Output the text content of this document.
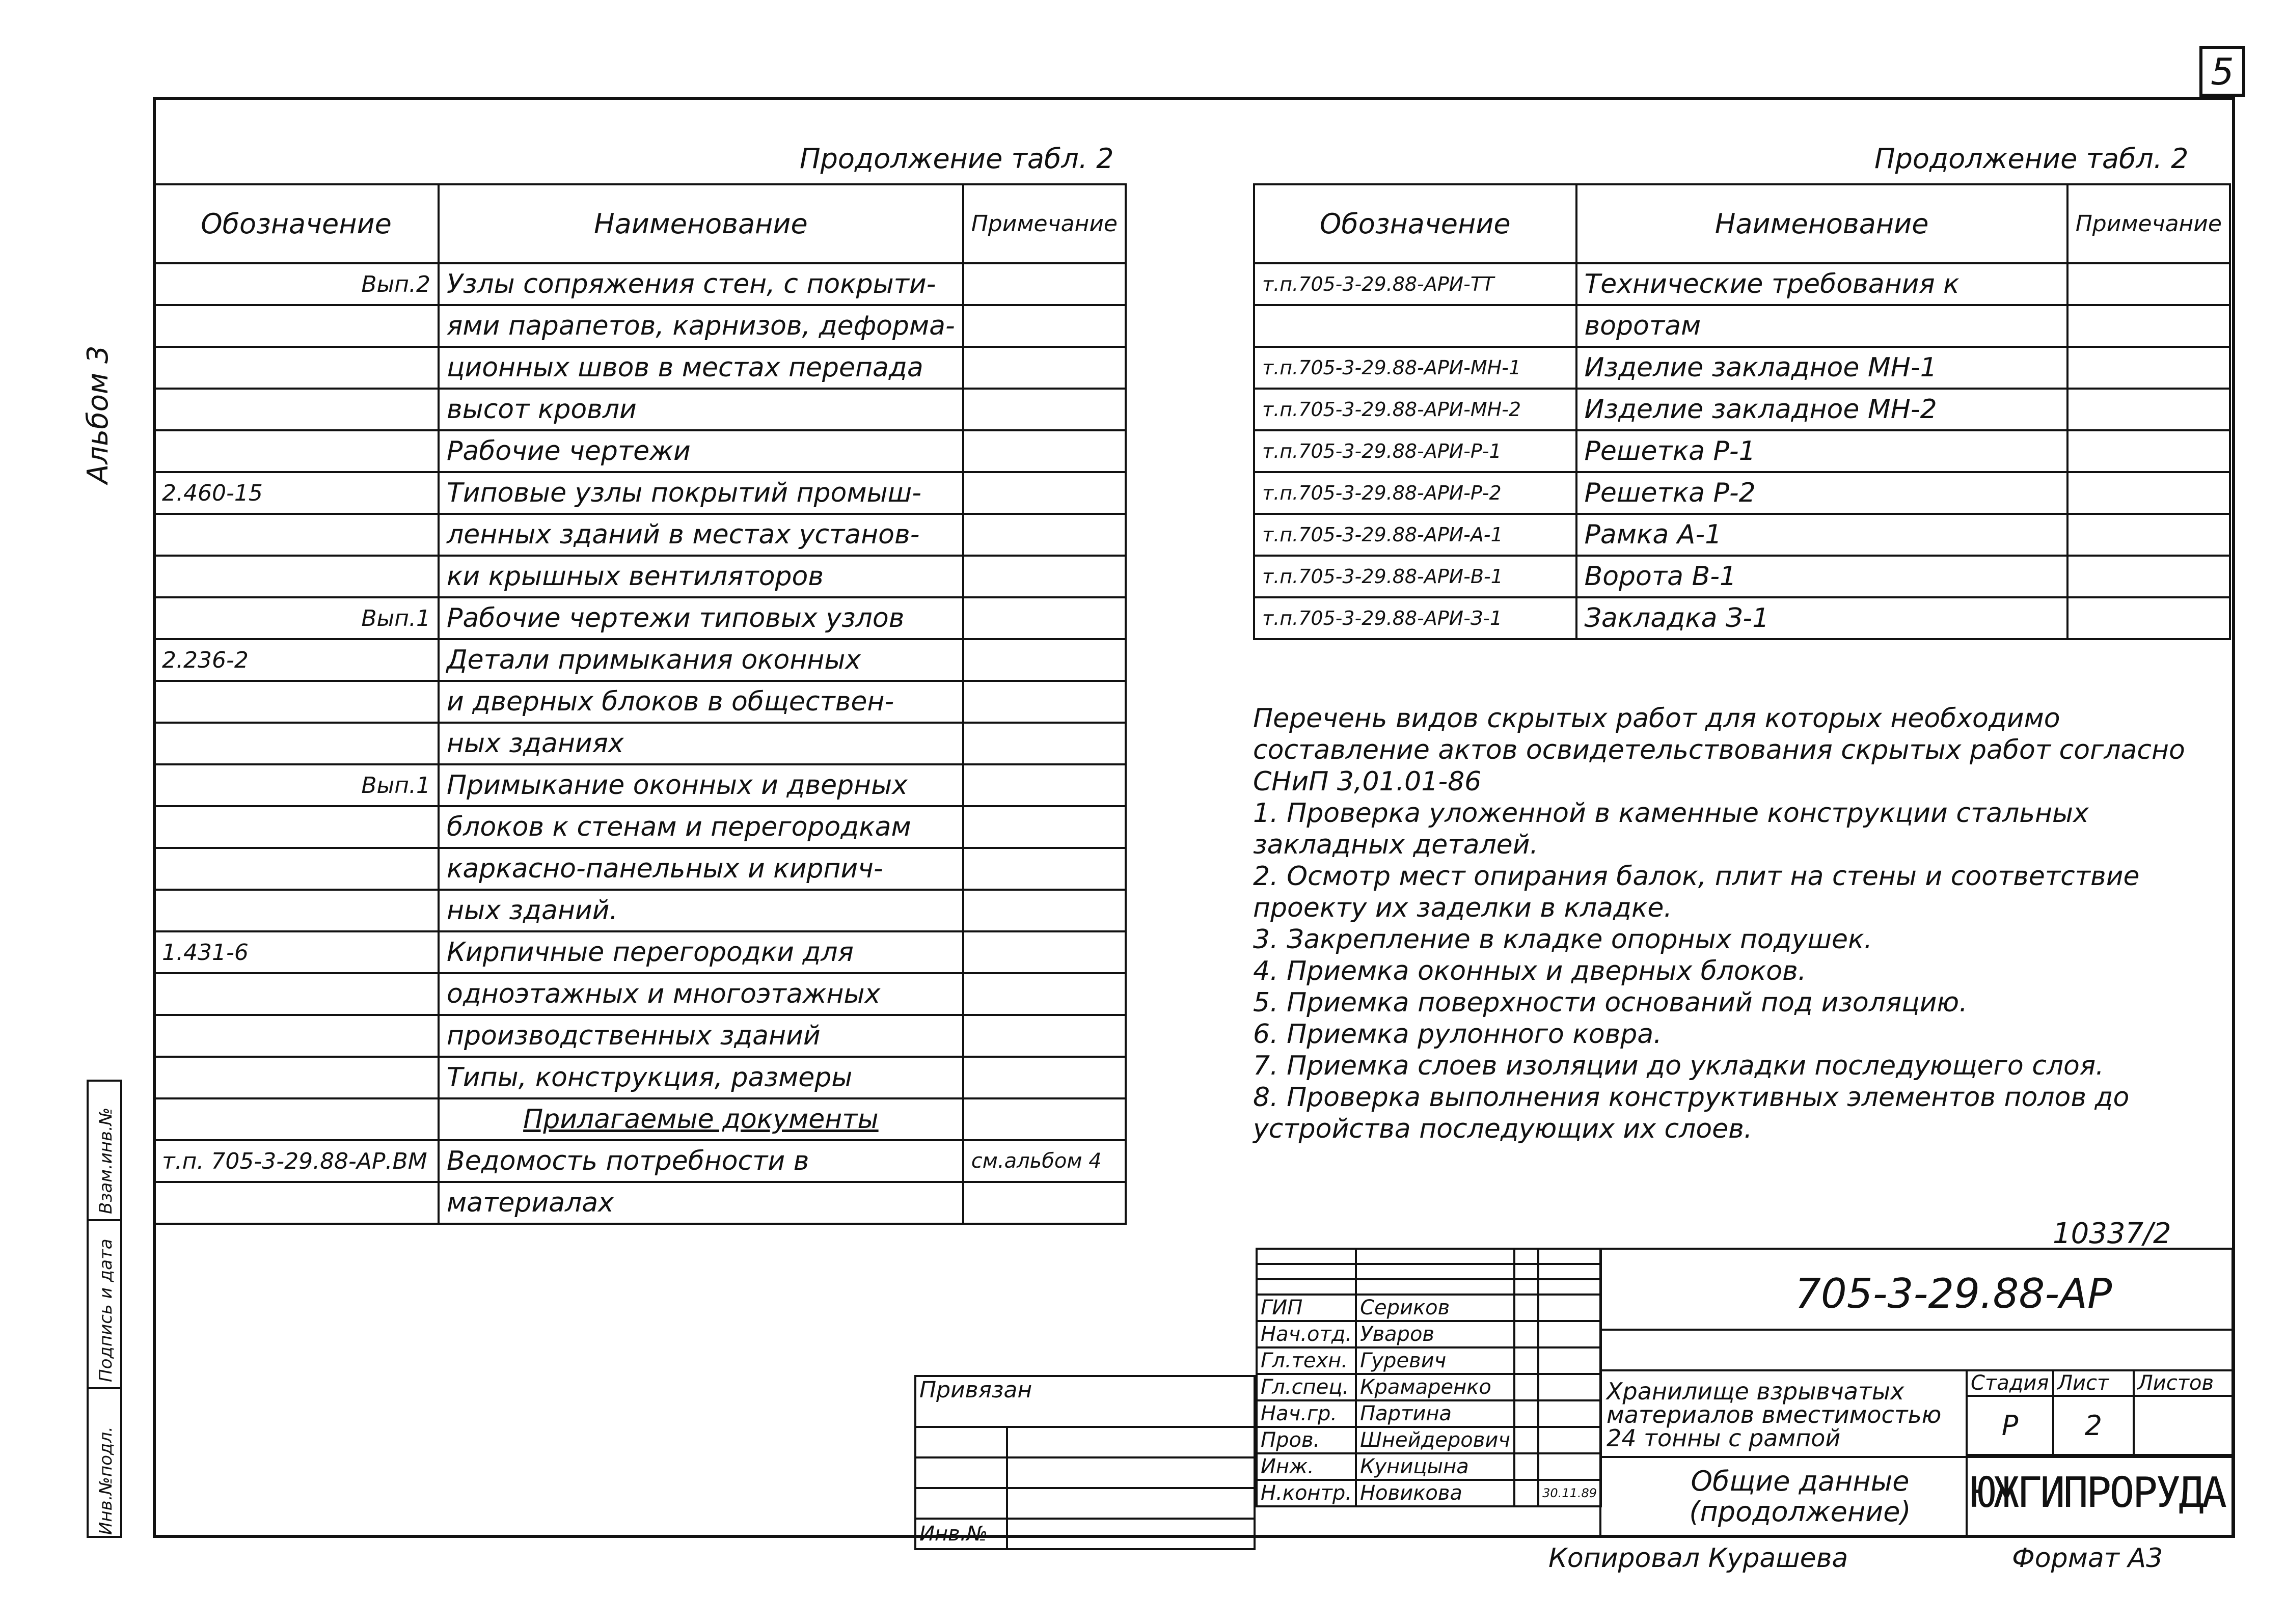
5
Альбом 3
Инв.№подл.
Подпись и дата
Взам.инв.№
Продолжение табл. 2
Обозначение	Наименование	Примечание
Вып.2	Узлы сопряжения стен, с покрыти-	
	ями парапетов, карнизов, деформа-	
	ционных швов в местах перепада	
	высот кровли	
	Рабочие чертежи	
2.460-15	Типовые узлы покрытий промыш-	
	ленных зданий в местах установ-	
	ки крышных вентиляторов	
Вып.1	Рабочие чертежи типовых узлов	
2.236-2	Детали примыкания оконных	
	и дверных блоков в обществен-	
	ных зданиях	
Вып.1	Примыкание оконных и дверных	
	блоков к стенам и перегородкам	
	каркасно-панельных и кирпич-	
	ных зданий.	
1.431-6	Кирпичные перегородки для	
	одноэтажных и многоэтажных	
	производственных зданий	
	Типы, конструкция, размеры	
	Прилагаемые документы	
т.п. 705-3-29.88-АР.ВМ	Ведомость потребности в	см.альбом 4
	материалах	
Продолжение табл. 2
Обозначение	Наименование	Примечание
т.п.705-3-29.88-АРИ-ТТ	Технические требования к	
	воротам	
т.п.705-3-29.88-АРИ-МН-1	Изделие закладное МН-1	
т.п.705-3-29.88-АРИ-МН-2	Изделие закладное МН-2	
т.п.705-3-29.88-АРИ-Р-1	Решетка Р-1	
т.п.705-3-29.88-АРИ-Р-2	Решетка Р-2	
т.п.705-3-29.88-АРИ-А-1	Рамка А-1	
т.п.705-3-29.88-АРИ-В-1	Ворота В-1	
т.п.705-3-29.88-АРИ-З-1	Закладка З-1	

Перечень видов скрытых работ для которых необходимо составление актов освидетельствования скрытых работ согласно СНиП 3,01.01-86

1. Проверка уложенной в каменные конструкции стальных закладных деталей.

2. Осмотр мест опирания балок, плит на стены и соответствие проекту их заделки в кладке.

3. Закрепление в кладке опорных подушек.

4. Приемка оконных и дверных блоков.

5. Приемка поверхности оснований под изоляцию.

6. Приемка рулонного ковра.

7. Приемка слоев изоляции до укладки последующего слоя.

8. Проверка выполнения конструктивных элементов полов до устройства последующих их слоев.

10337/2
Привязан	

Инв.№	

ГИП	Сериков		
Нач.отд.	Уваров		
Гл.техн.	Гуревич		
Гл.спец.	Крамаренко		
Нач.гр.	Партина		
Пров.	Шнейдерович		
Инж.	Куницына		
Н.контр.	Новикова		30.11.89
705-3-29.88-АР
Хранилище взрывчатых материалов вместимостью 24 тонны с рампой
Общие данные (продолжение)
Стадия	Лист	Листов
Р	2	
ЮЖГИПРОРУДА
Копировал Курашева	Формат А3
